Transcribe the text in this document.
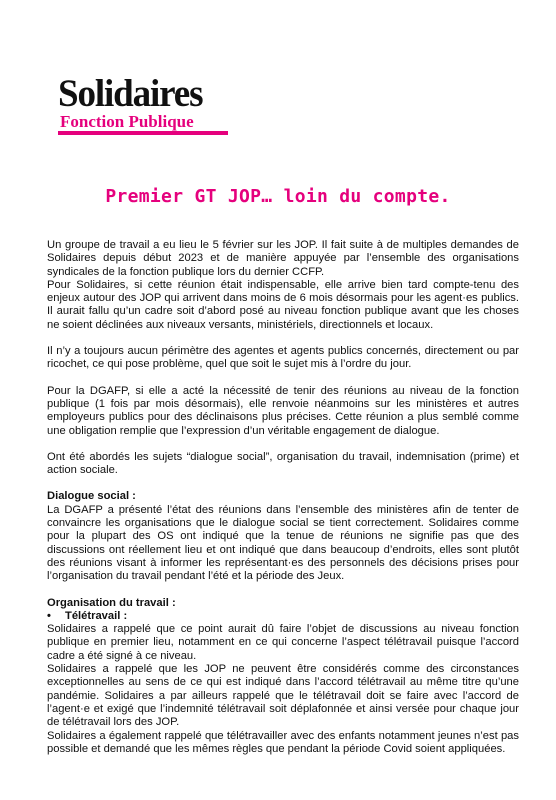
Solidaires
Fonction Publique
Premier GT JOP… loin du compte.

Un groupe de travail a eu lieu le 5 février sur les JOP. Il fait suite à de multiples demandes de Solidaires depuis début 2023 et de manière appuyée par l’ensemble des organisations syndicales de la fonction publique lors du dernier CCFP.

Pour Solidaires, si cette réunion était indispensable, elle arrive bien tard compte-tenu des enjeux autour des JOP qui arrivent dans moins de 6 mois désormais pour les agent·es publics. Il aurait fallu qu’un cadre soit d’abord posé au niveau fonction publique avant que les choses ne soient déclinées aux niveaux versants, ministériels, directionnels et locaux.

Il n’y a toujours aucun périmètre des agentes et agents publics concernés, directement ou par ricochet, ce qui pose problème, quel que soit le sujet mis à l’ordre du jour.

Pour la DGAFP, si elle a acté la nécessité de tenir des réunions au niveau de la fonction publique (1 fois par mois désormais), elle renvoie néanmoins sur les ministères et autres employeurs publics pour des déclinaisons plus précises. Cette réunion a plus semblé comme une obligation remplie que l’expression d’un véritable engagement de dialogue.

Ont été abordés les sujets “dialogue social”, organisation du travail, indemnisation (prime) et action sociale.

Dialogue social :

La DGAFP a présenté l’état des réunions dans l’ensemble des ministères afin de tenter de convaincre les organisations que le dialogue social se tient correctement. Solidaires comme pour la plupart des OS ont indiqué que la tenue de réunions ne signifie pas que des discussions ont réellement lieu et ont indiqué que dans beaucoup d’endroits, elles sont plutôt des réunions visant à informer les représentant·es des personnels des décisions prises pour l’organisation du travail pendant l’été et la période des Jeux.

Organisation du travail :

• Télétravail :

Solidaires a rappelé que ce point aurait dû faire l’objet de discussions au niveau fonction publique en premier lieu, notamment en ce qui concerne l’aspect télétravail puisque l’accord cadre a été signé à ce niveau.

Solidaires a rappelé que les JOP ne peuvent être considérés comme des circonstances exceptionnelles au sens de ce qui est indiqué dans l’accord télétravail au même titre qu’une pandémie. Solidaires a par ailleurs rappelé que le télétravail doit se faire avec l’accord de l’agent·e et exigé que l’indemnité télétravail soit déplafonnée et ainsi versée pour chaque jour de télétravail lors des JOP.

Solidaires a également rappelé que télétravailler avec des enfants notamment jeunes n’est pas possible et demandé que les mêmes règles que pendant la période Covid soient appliquées.
